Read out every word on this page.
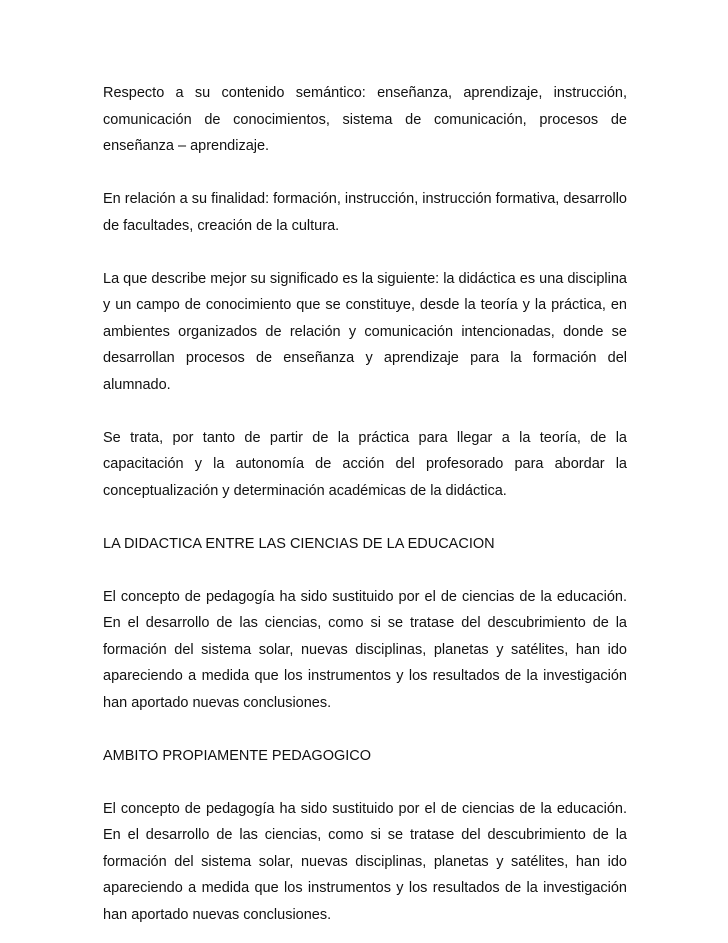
Respecto a su contenido semántico: enseñanza, aprendizaje, instrucción, comunicación de conocimientos, sistema de comunicación, procesos de enseñanza – aprendizaje.

En relación a su finalidad: formación, instrucción, instrucción formativa, desarrollo de facultades, creación de la cultura.

La que describe mejor su significado es la siguiente: la didáctica es una disciplina y un campo de conocimiento que se constituye, desde la teoría y la práctica, en ambientes organizados de relación y comunicación intencionadas, donde se desarrollan procesos de enseñanza y aprendizaje para la formación del alumnado.

Se trata, por tanto de partir de la práctica para llegar a la teoría, de la capacitación y la autonomía de acción del profesorado para abordar la conceptualización y determinación académicas de la didáctica.

LA DIDACTICA ENTRE LAS CIENCIAS DE LA EDUCACION

El concepto de pedagogía ha sido sustituido por el de ciencias de la educación. En el desarrollo de las ciencias, como si se tratase del descubrimiento de la formación del sistema solar, nuevas disciplinas, planetas y satélites, han ido apareciendo a medida que los instrumentos y los resultados de la investigación han aportado nuevas conclusiones.

AMBITO PROPIAMENTE PEDAGOGICO

El concepto de pedagogía ha sido sustituido por el de ciencias de la educación. En el desarrollo de las ciencias, como si se tratase del descubrimiento de la formación del sistema solar, nuevas disciplinas, planetas y satélites, han ido apareciendo a medida que los instrumentos y los resultados de la investigación han aportado nuevas conclusiones.
